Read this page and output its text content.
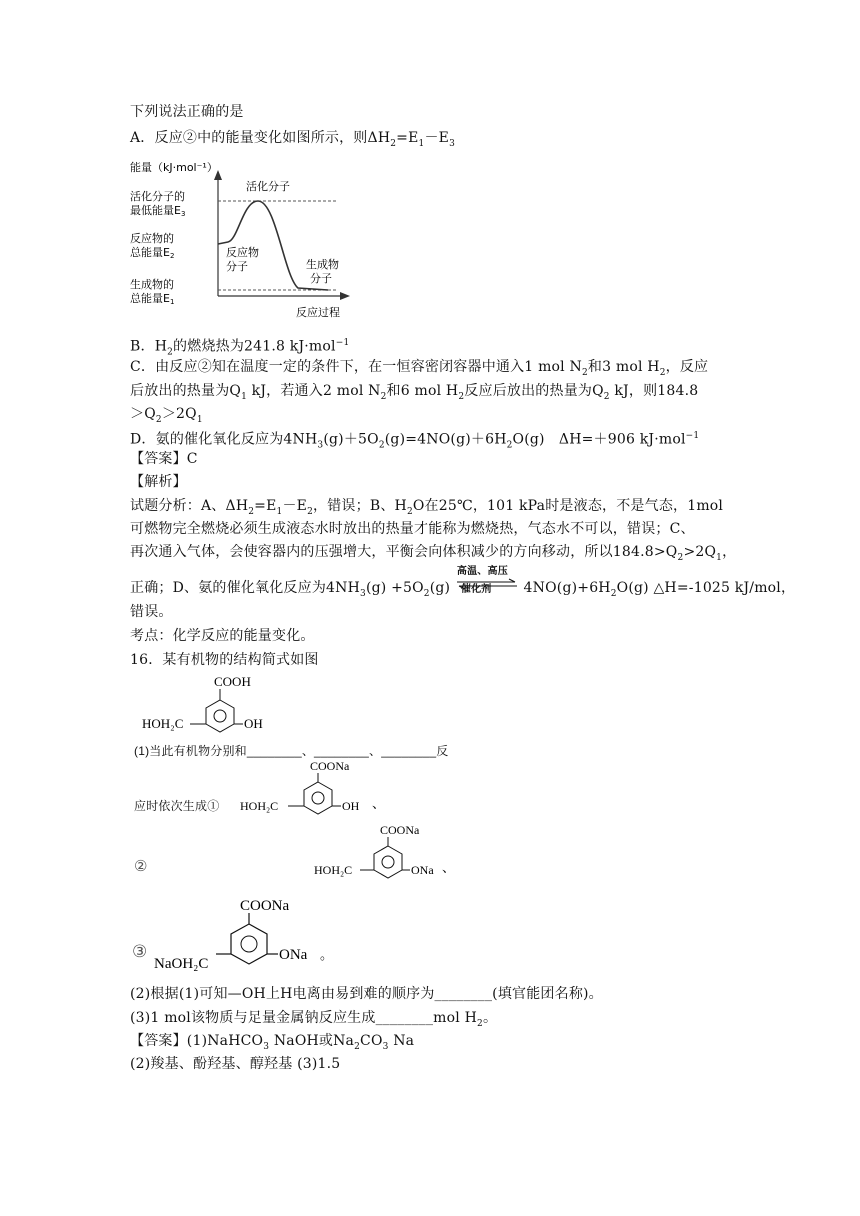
下列说法正确的是
A．反应②中的能量变化如图所示，则$\Delta H_2=E_1-E_3$
能量（kJ·mol⁻¹）
活化分子的
最低能量E3
反应物的
总能量E2
生成物的
总能量E1
活化分子
反应物
分子	生成物
分子
反应过程
B．$H_2$的燃烧热为241.8 kJ·mol$^{-1}$
C．由反应②知在温度一定的条件下，在一恒容密闭容器中通入1 mol $N_2$和3 mol $H_2$，反应
后放出的热量为$Q_1$ kJ，若通入2 mol $N_2$和6 mol $H_2$反应后放出的热量为$Q_2$ kJ，则184.8
$>Q_2>2Q_1$
D．氨的催化氧化反应为$4NH_3(g)+5O_2(g)=4NO(g)+6H_2O(g)$　ΔH=＋906 kJ·mol$^{-1}$
【答案】C
【解析】
试题分析：A、$\Delta H_2=E_1-E_2$，错误；B、$H_2O$在25℃，101 kPa时是液态，不是气态，1mol
可燃物完全燃烧必须生成液态水时放出的热量才能称为燃烧热，气态水不可以，错误；C、
再次通入气体，会使容器内的压强增大，平衡会向体积减少的方向移动，所以$184.8>Q_2>2Q_1$，
正确；D、氨的催化氧化反应为$4NH_3(g) +5O_2(g)$
高温、高压
催化剂 $4NO(g)+6H_2O(g)$ △H=-1025 kJ/mol，
错误。
考点：化学反应的能量变化。
16．某有机物的结构简式如图
COOH
HOH₂C	OH
(1)当此有机物分别和________、________、________反
应时依次生成①
COONa
HOH₂C	OH 、
②
COONa
HOH₂C	ONa 、
③
COONa
NaOH₂C
ONa 。
(2)根据(1)可知—OH上H电离由易到难的顺序为________(填官能团名称)。
(3)1 mol该物质与足量金属钠反应生成________mol $H_2$。
【答案】(1)NaHCO$_3$ NaOH或$Na_2CO_3$ Na
(2)羧基、酚羟基、醇羟基 (3)1.5
